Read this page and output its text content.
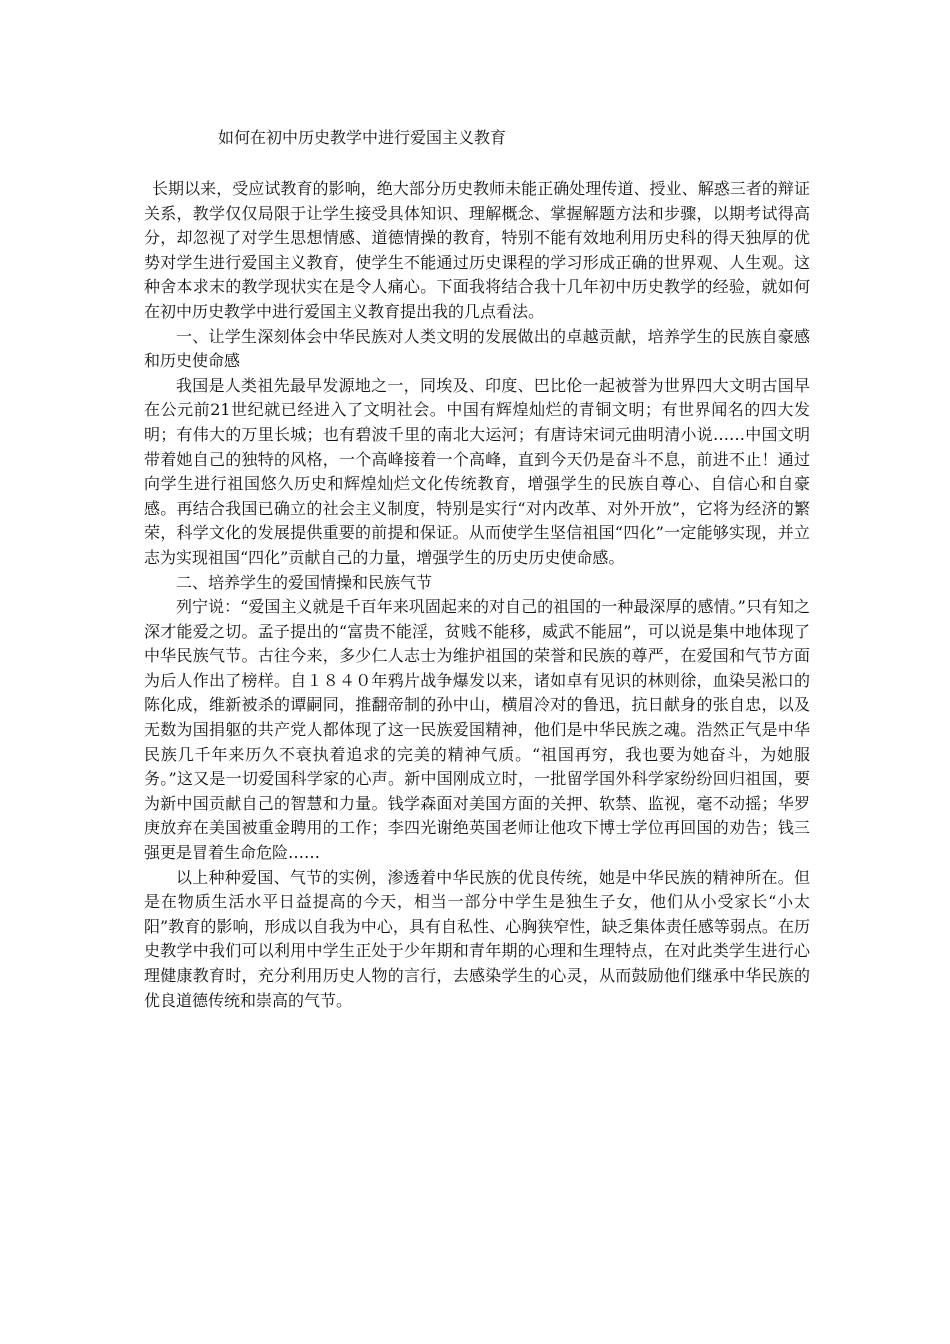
如何在初中历史教学中进行爱国主义教育

长期以来，受应试教育的影响，绝大部分历史教师未能正确处理传道、授业、解惑三者的辩证关系，教学仅仅局限于让学生接受具体知识、理解概念、掌握解题方法和步骤，以期考试得高分，却忽视了对学生思想情感、道德情操的教育，特别不能有效地利用历史科的得天独厚的优势对学生进行爱国主义教育，使学生不能通过历史课程的学习形成正确的世界观、人生观。这种舍本求末的教学现状实在是令人痛心。下面我将结合我十几年初中历史教学的经验，就如何在初中历史教学中进行爱国主义教育提出我的几点看法。

一、让学生深刻体会中华民族对人类文明的发展做出的卓越贡献，培养学生的民族自豪感和历史使命感

我国是人类祖先最早发源地之一，同埃及、印度、巴比伦一起被誉为世界四大文明古国早在公元前21世纪就已经进入了文明社会。中国有辉煌灿烂的青铜文明；有世界闻名的四大发明；有伟大的万里长城；也有碧波千里的南北大运河；有唐诗宋词元曲明清小说……中国文明带着她自己的独特的风格，一个高峰接着一个高峰，直到今天仍是奋斗不息，前进不止！通过向学生进行祖国悠久历史和辉煌灿烂文化传统教育，增强学生的民族自尊心、自信心和自豪感。再结合我国已确立的社会主义制度，特别是实行“对内改革、对外开放”，它将为经济的繁荣，科学文化的发展提供重要的前提和保证。从而使学生坚信祖国“四化”一定能够实现，并立志为实现祖国“四化”贡献自己的力量，增强学生的历史历史使命感。

二、培养学生的爱国情操和民族气节

列宁说：“爱国主义就是千百年来巩固起来的对自己的祖国的一种最深厚的感情。”只有知之深才能爱之切。孟子提出的“富贵不能淫，贫贱不能移，威武不能屈”，可以说是集中地体现了中华民族气节。古往今来，多少仁人志士为维护祖国的荣誉和民族的尊严，在爱国和气节方面为后人作出了榜样。自１８４０年鸦片战争爆发以来，诸如卓有见识的林则徐，血染吴淞口的陈化成，维新被杀的谭嗣同，推翻帝制的孙中山，横眉冷对的鲁迅，抗日献身的张自忠，以及无数为国捐躯的共产党人都体现了这一民族爱国精神，他们是中华民族之魂。浩然正气是中华民族几千年来历久不衰执着追求的完美的精神气质。“祖国再穷，我也要为她奋斗，为她服务。”这又是一切爱国科学家的心声。新中国刚成立时，一批留学国外科学家纷纷回归祖国，要为新中国贡献自己的智慧和力量。钱学森面对美国方面的关押、软禁、监视，毫不动摇；华罗庚放弃在美国被重金聘用的工作；李四光谢绝英国老师让他攻下博士学位再回国的劝告；钱三强更是冒着生命危险……

以上种种爱国、气节的实例，渗透着中华民族的优良传统，她是中华民族的精神所在。但是在物质生活水平日益提高的今天，相当一部分中学生是独生子女，他们从小受家长“小太阳”教育的影响，形成以自我为中心，具有自私性、心胸狭窄性，缺乏集体责任感等弱点。在历史教学中我们可以利用中学生正处于少年期和青年期的心理和生理特点，在对此类学生进行心理健康教育时，充分利用历史人物的言行，去感染学生的心灵，从而鼓励他们继承中华民族的优良道德传统和崇高的气节。
